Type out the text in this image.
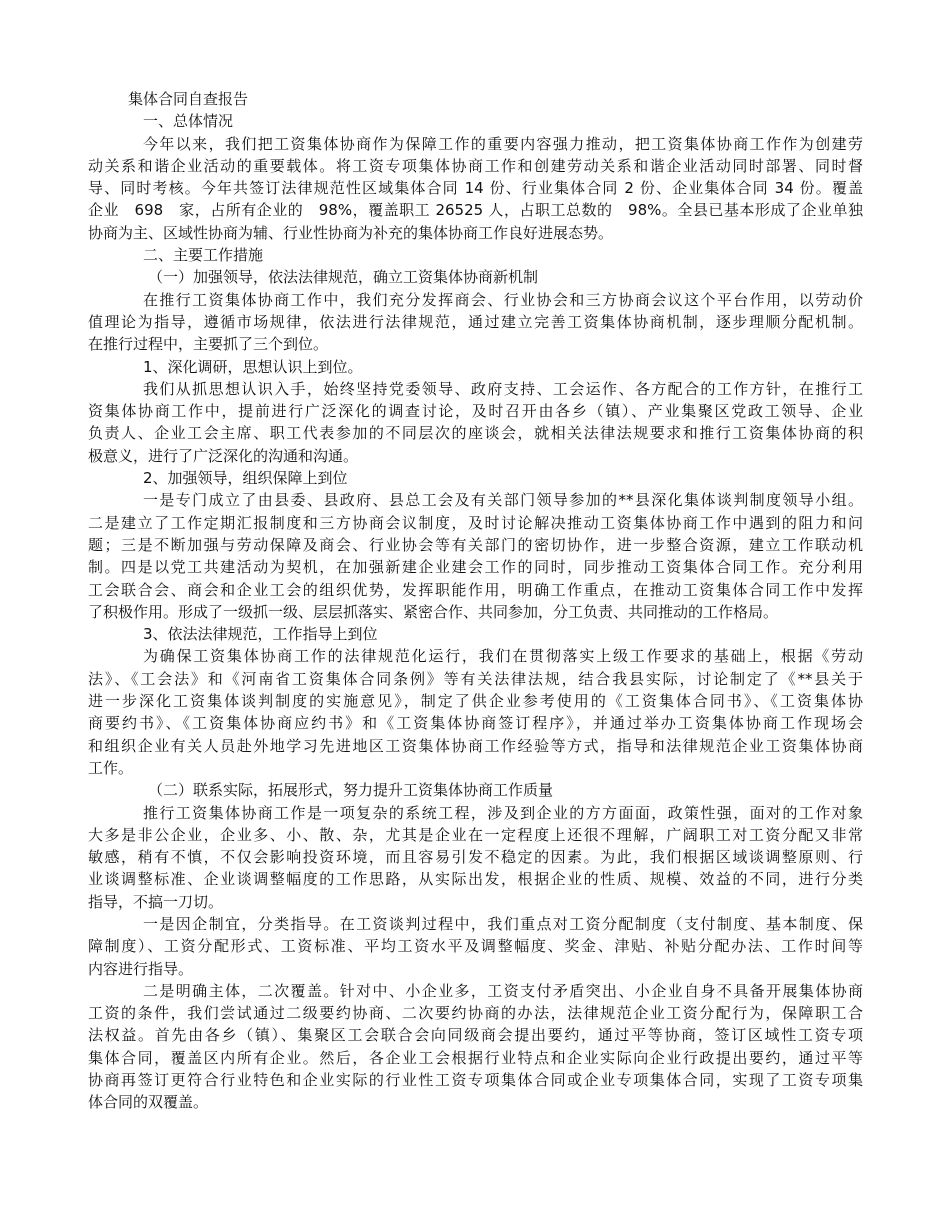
集体合同自查报告
一、总体情况
今年以来，我们把工资集体协商作为保障工作的重要内容强力推动，把工资集体协商工作作为创建劳
动关系和谐企业活动的重要载体。将工资专项集体协商工作和创建劳动关系和谐企业活动同时部署、同时督
导、同时考核。今年共签订法律规范性区域集体合同 14 份、行业集体合同 2 份、企业集体合同 34 份。覆盖
企业　698　家，占所有企业的　98%，覆盖职工 26525 人，占职工总数的　98%。全县已基本形成了企业单独
协商为主、区域性协商为辅、行业性协商为补充的集体协商工作良好进展态势。
二、主要工作措施
（一）加强领导，依法法律规范，确立工资集体协商新机制
在推行工资集体协商工作中，我们充分发挥商会、行业协会和三方协商会议这个平台作用，以劳动价
值理论为指导，遵循市场规律，依法进行法律规范，通过建立完善工资集体协商机制，逐步理顺分配机制。
在推行过程中，主要抓了三个到位。
1、深化调研，思想认识上到位。
我们从抓思想认识入手，始终坚持党委领导、政府支持、工会运作、各方配合的工作方针，在推行工
资集体协商工作中，提前进行广泛深化的调查讨论，及时召开由各乡（镇）、产业集聚区党政工领导、企业
负责人、企业工会主席、职工代表参加的不同层次的座谈会，就相关法律法规要求和推行工资集体协商的积
极意义，进行了广泛深化的沟通和沟通。
2、加强领导，组织保障上到位
一是专门成立了由县委、县政府、县总工会及有关部门领导参加的**县深化集体谈判制度领导小组。
二是建立了工作定期汇报制度和三方协商会议制度，及时讨论解决推动工资集体协商工作中遇到的阻力和问
题；三是不断加强与劳动保障及商会、行业协会等有关部门的密切协作，进一步整合资源，建立工作联动机
制。四是以党工共建活动为契机，在加强新建企业建会工作的同时，同步推动工资集体合同工作。充分利用
工会联合会、商会和企业工会的组织优势，发挥职能作用，明确工作重点，在推动工资集体合同工作中发挥
了积极作用。形成了一级抓一级、层层抓落实、紧密合作、共同参加，分工负责、共同推动的工作格局。
3、依法法律规范，工作指导上到位
为确保工资集体协商工作的法律规范化运行，我们在贯彻落实上级工作要求的基础上，根据《劳动
法》、《工会法》和《河南省工资集体合同条例》等有关法律法规，结合我县实际，讨论制定了《**县关于
进一步深化工资集体谈判制度的实施意见》，制定了供企业参考使用的《工资集体合同书》、《工资集体协
商要约书》、《工资集体协商应约书》和《工资集体协商签订程序》，并通过举办工资集体协商工作现场会
和组织企业有关人员赴外地学习先进地区工资集体协商工作经验等方式，指导和法律规范企业工资集体协商
工作。
（二）联系实际，拓展形式，努力提升工资集体协商工作质量
推行工资集体协商工作是一项复杂的系统工程，涉及到企业的方方面面，政策性强，面对的工作对象
大多是非公企业，企业多、小、散、杂，尤其是企业在一定程度上还很不理解，广阔职工对工资分配又非常
敏感，稍有不慎，不仅会影响投资环境，而且容易引发不稳定的因素。为此，我们根据区域谈调整原则、行
业谈调整标准、企业谈调整幅度的工作思路，从实际出发，根据企业的性质、规模、效益的不同，进行分类
指导，不搞一刀切。
一是因企制宜，分类指导。在工资谈判过程中，我们重点对工资分配制度（支付制度、基本制度、保
障制度）、工资分配形式、工资标准、平均工资水平及调整幅度、奖金、津贴、补贴分配办法、工作时间等
内容进行指导。
二是明确主体，二次覆盖。针对中、小企业多，工资支付矛盾突出、小企业自身不具备开展集体协商
工资的条件，我们尝试通过二级要约协商、二次要约协商的办法，法律规范企业工资分配行为，保障职工合
法权益。首先由各乡（镇）、集聚区工会联合会向同级商会提出要约，通过平等协商，签订区域性工资专项
集体合同，覆盖区内所有企业。然后，各企业工会根据行业特点和企业实际向企业行政提出要约，通过平等
协商再签订更符合行业特色和企业实际的行业性工资专项集体合同或企业专项集体合同，实现了工资专项集
体合同的双覆盖。
